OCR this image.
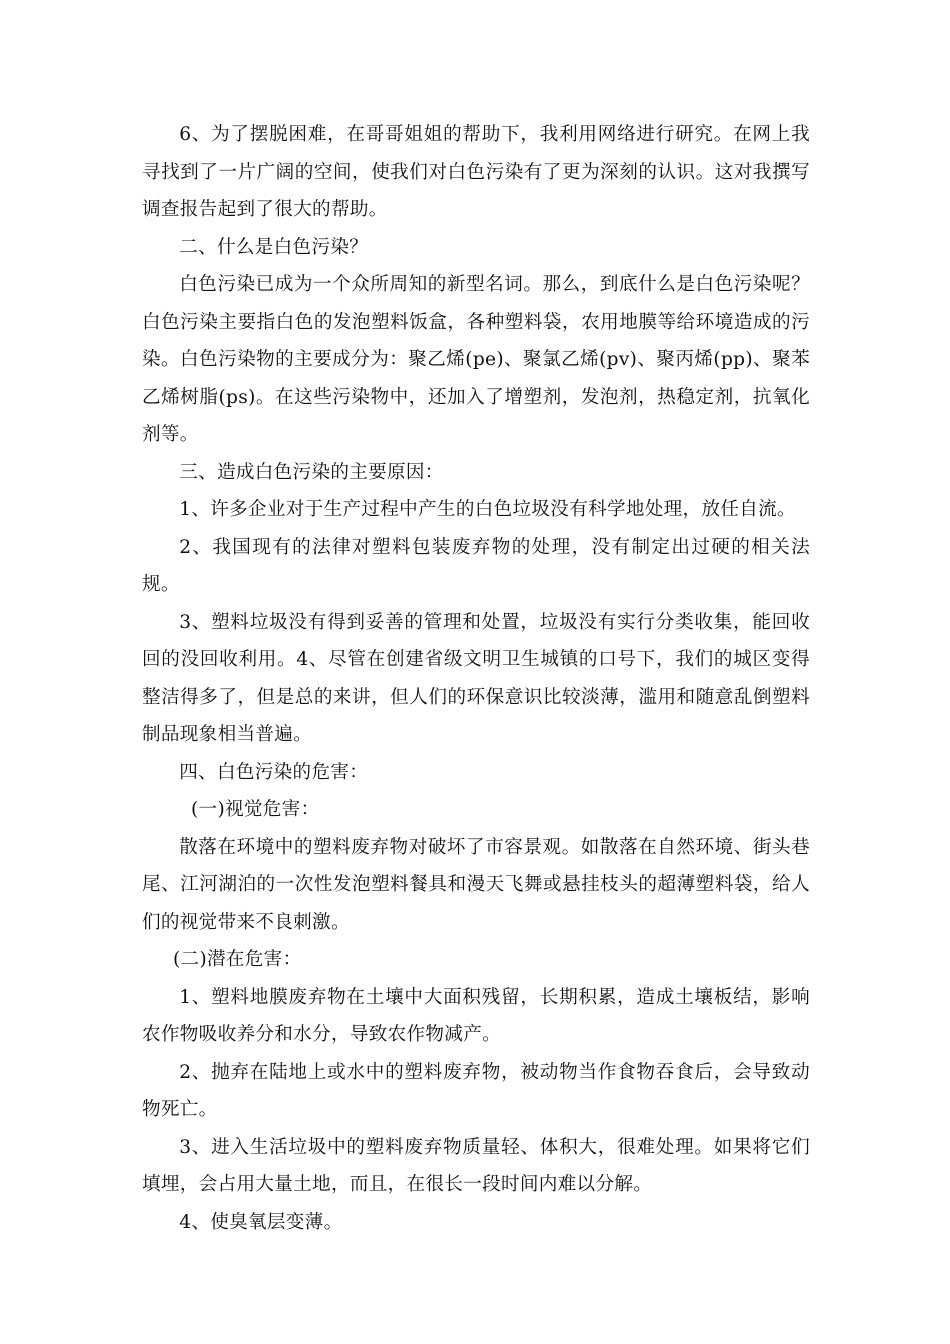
6、为了摆脱困难，在哥哥姐姐的帮助下，我利用网络进行研究。在网上我寻找到了一片广阔的空间，使我们对白色污染有了更为深刻的认识。这对我撰写调查报告起到了很大的帮助。

二、什么是白色污染？

白色污染已成为一个众所周知的新型名词。那么，到底什么是白色污染呢？白色污染主要指白色的发泡塑料饭盒，各种塑料袋，农用地膜等给环境造成的污染。白色污染物的主要成分为：聚乙烯(pe)、聚氯乙烯(pv)、聚丙烯(pp)、聚苯乙烯树脂(ps)。在这些污染物中，还加入了增塑剂，发泡剂，热稳定剂，抗氧化剂等。

三、造成白色污染的主要原因：

1、许多企业对于生产过程中产生的白色垃圾没有科学地处理，放任自流。

2、我国现有的法律对塑料包装废弃物的处理，没有制定出过硬的相关法规。

3、塑料垃圾没有得到妥善的管理和处置，垃圾没有实行分类收集，能回收回的没回收利用。4、尽管在创建省级文明卫生城镇的口号下，我们的城区变得整洁得多了，但是总的来讲，但人们的环保意识比较淡薄，滥用和随意乱倒塑料制品现象相当普遍。

四、白色污染的危害：

(一)视觉危害：

散落在环境中的塑料废弃物对破坏了市容景观。如散落在自然环境、街头巷尾、江河湖泊的一次性发泡塑料餐具和漫天飞舞或悬挂枝头的超薄塑料袋，给人们的视觉带来不良刺激。

(二)潜在危害：

1、塑料地膜废弃物在土壤中大面积残留，长期积累，造成土壤板结，影响农作物吸收养分和水分，导致农作物减产。

2、抛弃在陆地上或水中的塑料废弃物，被动物当作食物吞食后，会导致动物死亡。

3、进入生活垃圾中的塑料废弃物质量轻、体积大，很难处理。如果将它们填埋，会占用大量土地，而且，在很长一段时间内难以分解。

4、使臭氧层变薄。
